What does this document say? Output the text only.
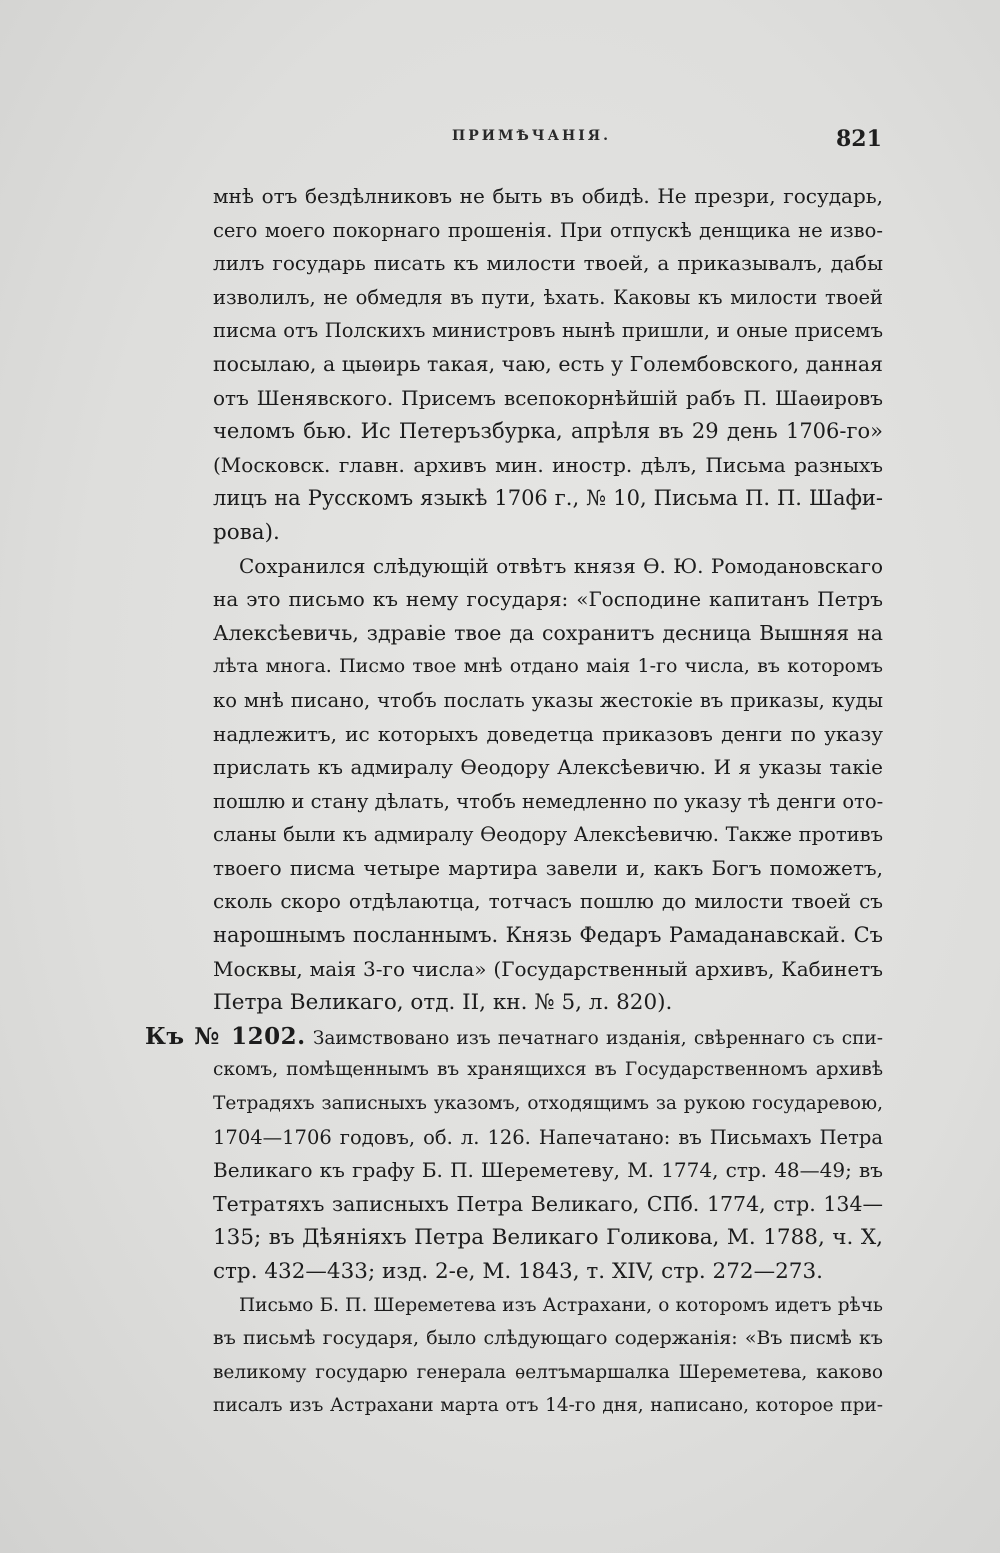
ПРИМѢЧАНІЯ.	821
мнѣ отъ бездѣлниковъ не быть въ обидѣ. Не презри, государь,
сего моего покорнаго прошенія. При отпускѣ денщика не изво-
лилъ государь писать къ милости твоей, а приказывалъ, дабы
изволилъ, не обмедля въ пути, ѣхать. Каковы къ милости твоей
писма отъ Полскихъ министровъ нынѣ пришли, и оные присемъ
посылаю, а цыѳирь такая, чаю, есть у Голембовского, данная
отъ Шенявского. Присемъ всепокорнѣйшій рабъ П. Шаѳировъ
челомъ бью. Ис Петеръзбурка, апрѣля въ 29 день 1706-го»
(Московск. главн. архивъ мин. иностр. дѣлъ, Письма разныхъ
лицъ на Русскомъ языкѣ 1706 г., № 10, Письма П. П. Шафи-
рова).
Сохранился слѣдующій отвѣтъ князя Ѳ. Ю. Ромодановскаго
на это письмо къ нему государя: «Господине капитанъ Петръ
Алексѣевичь, здравіе твое да сохранитъ десница Вышняя на
лѣта многа. Писмо твое мнѣ отдано маія 1-го числа, въ которомъ
ко мнѣ писано, чтобъ послать указы жестокіе въ приказы, куды
надлежитъ, ис которыхъ доведетца приказовъ денги по указу
прислать къ адмиралу Ѳеодору Алексѣевичю. И я указы такіе
пошлю и стану дѣлать, чтобъ немедленно по указу тѣ денги ото-
сланы были къ адмиралу Ѳеодору Алексѣевичю. Также противъ
твоего писма четыре мартира завели и, какъ Богъ поможетъ,
сколь скоро отдѣлаютца, тотчасъ пошлю до милости твоей съ
нарошнымъ посланнымъ. Князь Федаръ Рамаданавскай. Съ
Москвы, маія 3-го числа» (Государственный архивъ, Кабинетъ
Петра Великаго, отд. II, кн. № 5, л. 820).
Къ № 1202. Заимствовано изъ печатнаго изданія, свѣреннаго съ спи-
скомъ, помѣщеннымъ въ хранящихся въ Государственномъ архивѣ
Тетрадяхъ записныхъ указомъ, отходящимъ за рукою государевою,
1704—1706 годовъ, об. л. 126. Напечатано: въ Письмахъ Петра
Великаго къ графу Б. П. Шереметеву, М. 1774, стр. 48—49; въ
Тетратяхъ записныхъ Петра Великаго, СПб. 1774, стр. 134—
135; въ Дѣяніяхъ Петра Великаго Голикова, М. 1788, ч. X,
стр. 432—433; изд. 2-е, М. 1843, т. XIV, стр. 272—273.
Письмо Б. П. Шереметева изъ Астрахани, о которомъ идетъ рѣчь
въ письмѣ государя, было слѣдующаго содержанія: «Въ писмѣ къ
великому государю генерала ѳелтъмаршалка Шереметева, каково
писалъ изъ Астрахани марта отъ 14-го дня, написано, которое при-
